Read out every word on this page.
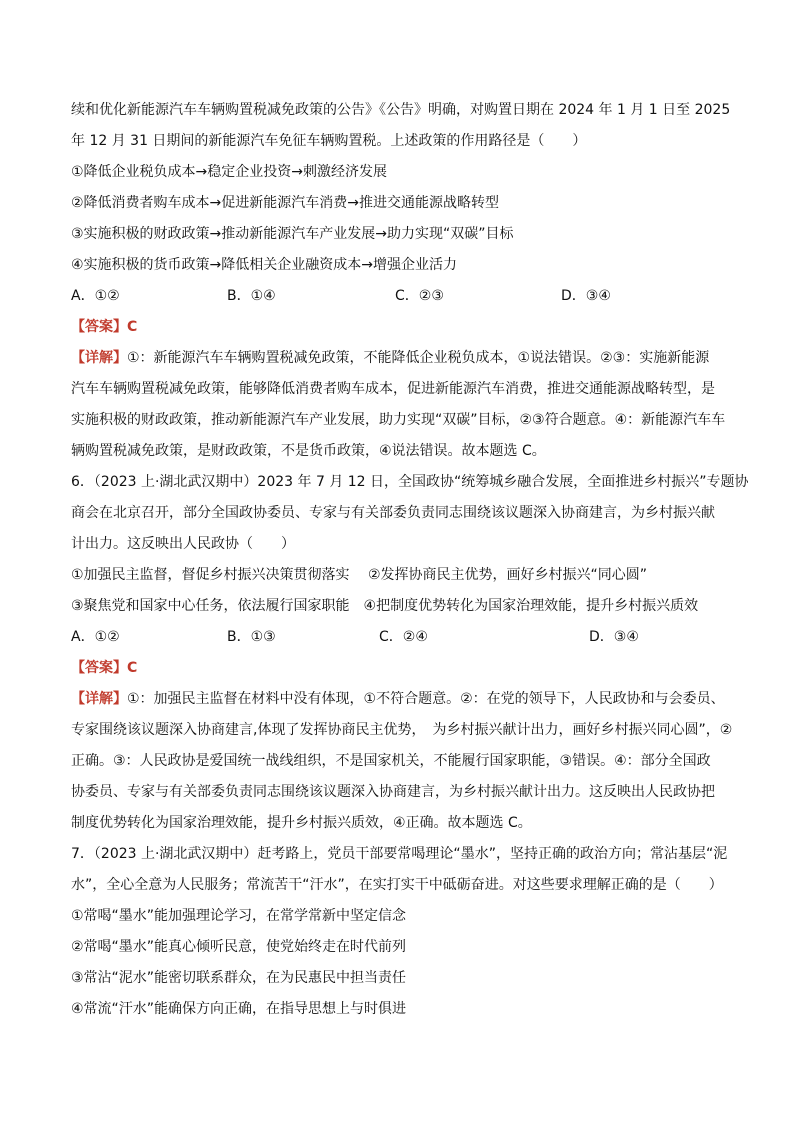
续和优化新能源汽车车辆购置税减免政策的公告》《公告》明确，对购置日期在 2024 年 1 月 1 日至 2025

年 12 月 31 日期间的新能源汽车免征车辆购置税。上述政策的作用路径是（　　）

①降低企业税负成本→稳定企业投资→刺激经济发展

②降低消费者购车成本→促进新能源汽车消费→推进交通能源战略转型

③实施积极的财政政策→推动新能源汽车产业发展→助力实现“双碳”目标

④实施积极的货币政策→降低相关企业融资成本→增强企业活力

A．①②	B．①④	C．②③	D．③④

【答案】C

【详解】①：新能源汽车车辆购置税减免政策，不能降低企业税负成本，①说法错误。②③：实施新能源

汽车车辆购置税减免政策，能够降低消费者购车成本，促进新能源汽车消费，推进交通能源战略转型，是

实施积极的财政政策，推动新能源汽车产业发展，助力实现“双碳”目标，②③符合题意。④：新能源汽车车

辆购置税减免政策，是财政政策，不是货币政策，④说法错误。故本题选 C。

6．（2023 上·湖北武汉期中）2023 年 7 月 12 日，全国政协“统筹城乡融合发展，全面推进乡村振兴”专题协

商会在北京召开，部分全国政协委员、专家与有关部委负责同志围绕该议题深入协商建言，为乡村振兴献

计出力。这反映出人民政协（　　）

①加强民主监督，督促乡村振兴决策贯彻落实　 ②发挥协商民主优势，画好乡村振兴“同心圆”

③聚焦党和国家中心任务，依法履行国家职能　④把制度优势转化为国家治理效能，提升乡村振兴质效

A．①②	B．①③	C．②④	D．③④

【答案】C

【详解】①：加强民主监督在材料中没有体现，①不符合题意。②：在党的领导下，人民政协和与会委员、

专家围绕该议题深入协商建言,体现了发挥协商民主优势，　为乡村振兴献计出力，画好乡村振兴同心圆”，②

正确。③：人民政协是爱国统一战线组织，不是国家机关，不能履行国家职能，③错误。④：部分全国政

协委员、专家与有关部委负责同志围绕该议题深入协商建言，为乡村振兴献计出力。这反映出人民政协把

制度优势转化为国家治理效能，提升乡村振兴质效，④正确。故本题选 C。

7．（2023 上·湖北武汉期中）赶考路上，党员干部要常喝理论“墨水”，坚持正确的政治方向；常沾基层“泥

水”，全心全意为人民服务；常流苦干“汗水”，在实打实干中砥砺奋进。对这些要求理解正确的是（　　）

①常喝“墨水”能加强理论学习，在常学常新中坚定信念

②常喝“墨水”能真心倾听民意，使党始终走在时代前列

③常沾“泥水”能密切联系群众，在为民惠民中担当责任

④常流“汗水”能确保方向正确，在指导思想上与时俱进
